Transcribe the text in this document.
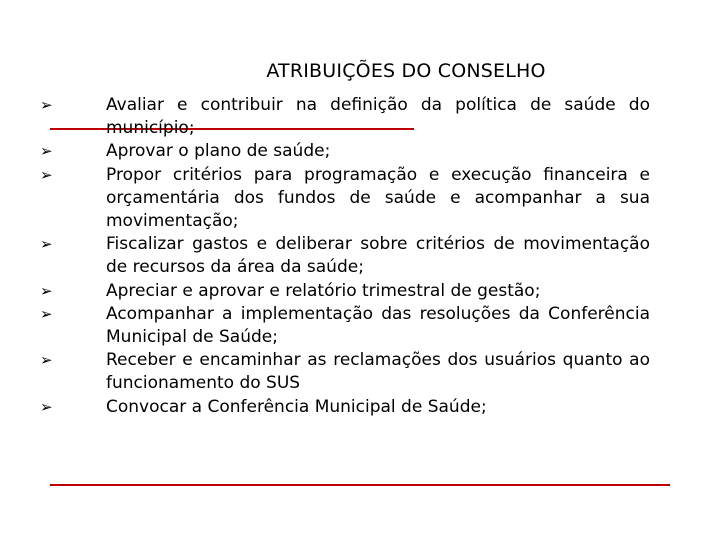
ATRIBUIÇÕES DO CONSELHO
➢	Avaliar e contribuir na definição da política de saúde do município;
➢	Aprovar o plano de saúde;
➢	Propor critérios para programação e execução financeira e orçamentária dos fundos de saúde e acompanhar a sua movimentação;
➢	Fiscalizar gastos e deliberar sobre critérios de movimentação de recursos da área da saúde;
➢	Apreciar e aprovar e relatório trimestral de gestão;
➢	Acompanhar a implementação das resoluções da Conferência Municipal de Saúde;
➢	Receber e encaminhar as reclamações dos usuários quanto ao funcionamento do SUS
➢	Convocar a Conferência Municipal de Saúde;
